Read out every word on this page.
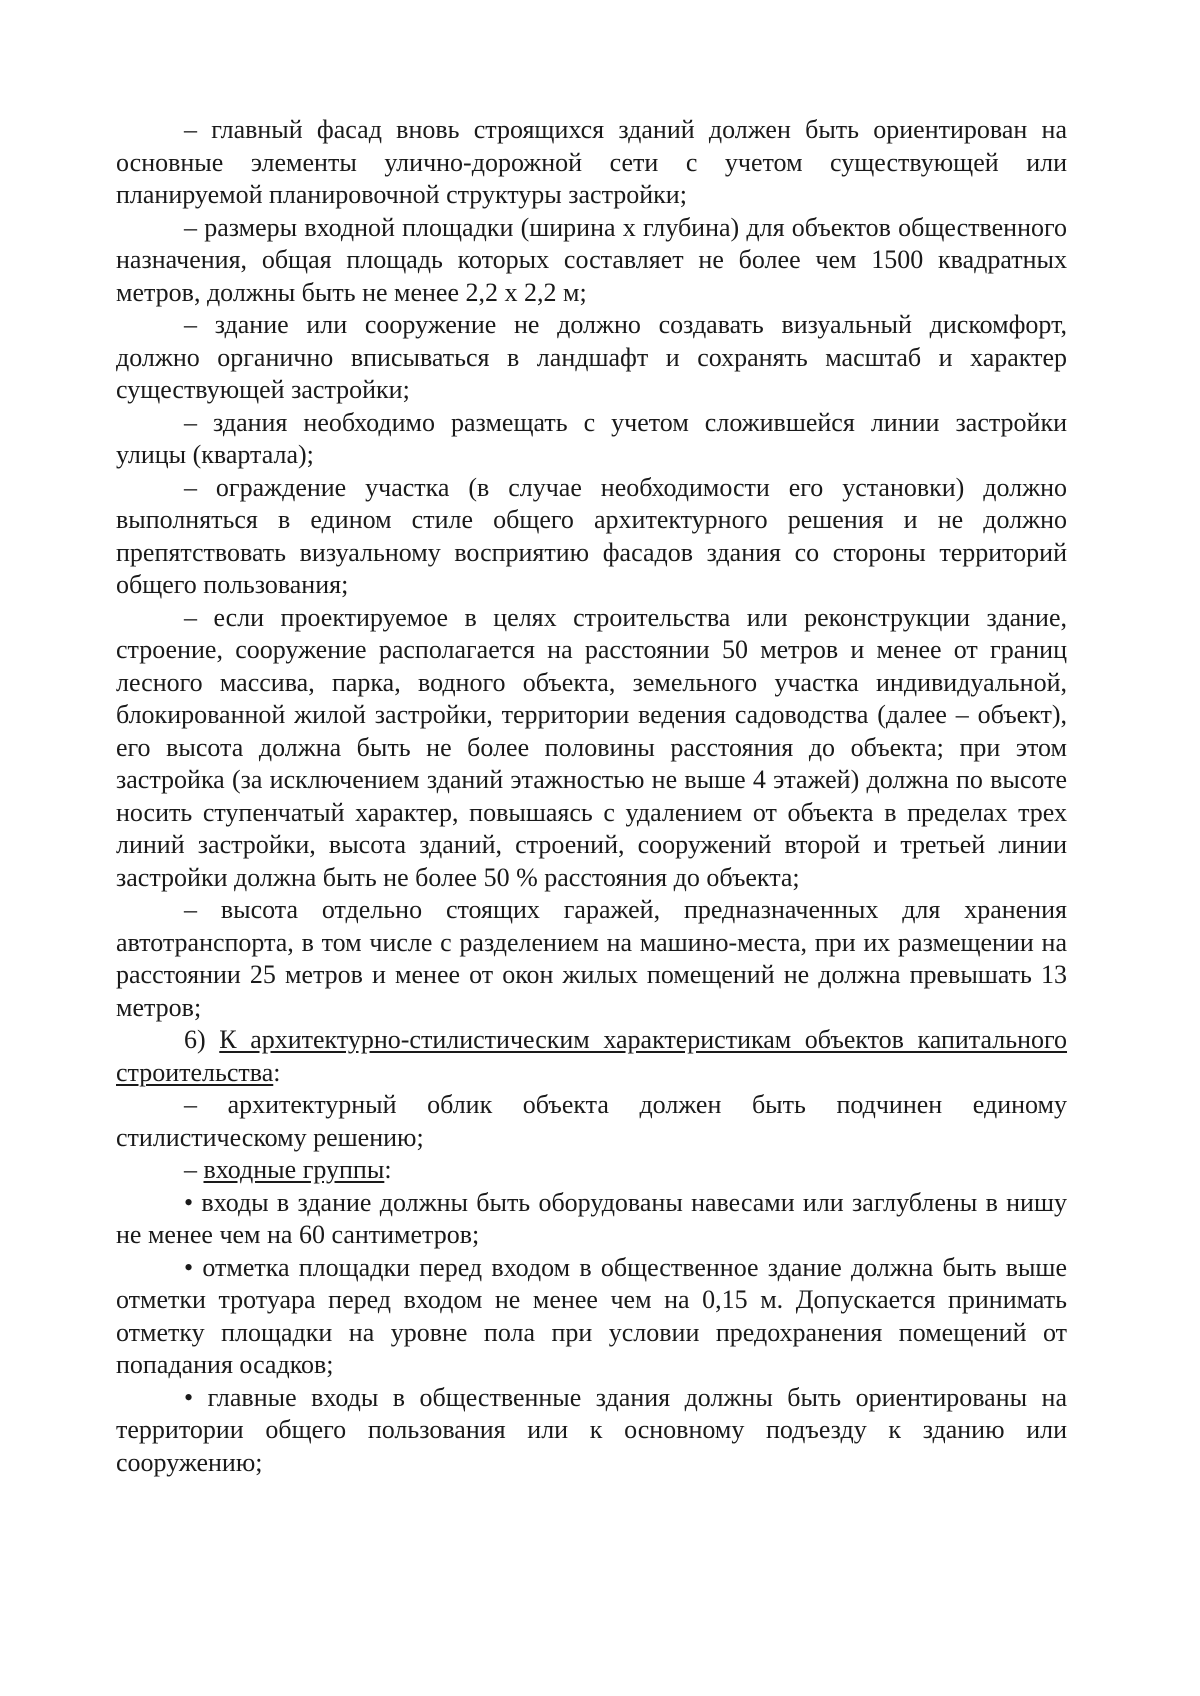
– главный фасад вновь строящихся зданий должен быть ориентирован на основные элементы улично-дорожной сети с учетом существующей или планируемой планировочной структуры застройки;

– размеры входной площадки (ширина х глубина) для объектов общественного назначения, общая площадь которых составляет не более чем 1500 квадратных метров, должны быть не менее 2,2 х 2,2 м;

– здание или сооружение не должно создавать визуальный дискомфорт, должно органично вписываться в ландшафт и сохранять масштаб и характер существующей застройки;

– здания необходимо размещать с учетом сложившейся линии застройки улицы (квартала);

– ограждение участка (в случае необходимости его установки) должно выполняться в едином стиле общего архитектурного решения и не должно препятствовать визуальному восприятию фасадов здания со стороны территорий общего пользования;

– если проектируемое в целях строительства или реконструкции здание, строение, сооружение располагается на расстоянии 50 метров и менее от границ лесного массива, парка, водного объекта, земельного участка индивидуальной, блокированной жилой застройки, территории ведения садоводства (далее – объект), его высота должна быть не более половины расстояния до объекта; при этом застройка (за исключением зданий этажностью не выше 4 этажей) должна по высоте носить ступенчатый характер, повышаясь с удалением от объекта в пределах трех линий застройки, высота зданий, строений, сооружений второй и третьей линии застройки должна быть не более 50 % расстояния до объекта;

– высота отдельно стоящих гаражей, предназначенных для хранения автотранспорта, в том числе с разделением на машино-места, при их размещении на расстоянии 25 метров и менее от окон жилых помещений не должна превышать 13 метров;

6) К архитектурно-стилистическим характеристикам объектов капитального строительства:

– архитектурный облик объекта должен быть подчинен единому стилистическому решению;

– входные группы:

• входы в здание должны быть оборудованы навесами или заглублены в нишу не менее чем на 60 сантиметров;

• отметка площадки перед входом в общественное здание должна быть выше отметки тротуара перед входом не менее чем на 0,15 м. Допускается принимать отметку площадки на уровне пола при условии предохранения помещений от попадания осадков;

• главные входы в общественные здания должны быть ориентированы на территории общего пользования или к основному подъезду к зданию или сооружению;
